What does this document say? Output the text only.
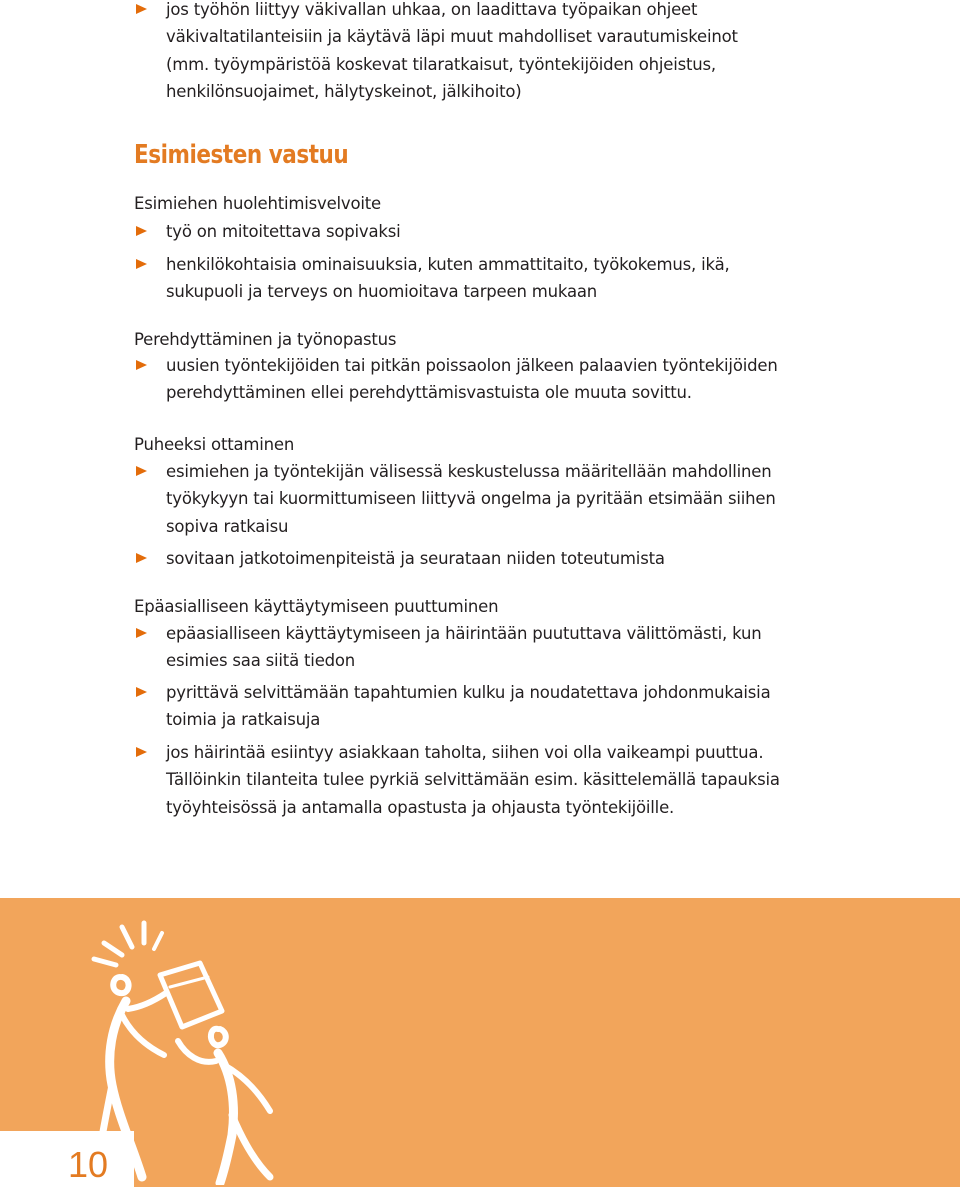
jos työhön liittyy väkivallan uhkaa, on laadittava työpaikan ohjeet
väkivaltatilanteisiin ja käytävä läpi muut mahdolliset varautumiskeinot
(mm. työympäristöä koskevat tilaratkaisut, työntekijöiden ohjeistus,
henkilönsuojaimet, hälytyskeinot, jälkihoito)
Esimiesten vastuu
Esimiehen huolehtimisvelvoite
työ on mitoitettava sopivaksi
henkilökohtaisia ominaisuuksia, kuten ammattitaito, työkokemus, ikä,
sukupuoli ja terveys on huomioitava tarpeen mukaan
Perehdyttäminen ja työnopastus
uusien työntekijöiden tai pitkän poissaolon jälkeen palaavien työntekijöiden
perehdyttäminen ellei perehdyttämisvastuista ole muuta sovittu.
Puheeksi ottaminen
esimiehen ja työntekijän välisessä keskustelussa määritellään mahdollinen
työkykyyn tai kuormittumiseen liittyvä ongelma ja pyritään etsimään siihen
sopiva ratkaisu
sovitaan jatkotoimenpiteistä ja seurataan niiden toteutumista
Epäasialliseen käyttäytymiseen puuttuminen
epäasialliseen käyttäytymiseen ja häirintään puututtava välittömästi, kun
esimies saa siitä tiedon
pyrittävä selvittämään tapahtumien kulku ja noudatettava johdonmukaisia
toimia ja ratkaisuja
jos häirintää esiintyy asiakkaan taholta, siihen voi olla vaikeampi puuttua.
Tällöinkin tilanteita tulee pyrkiä selvittämään esim. käsittelemällä tapauksia
työyhteisössä ja antamalla opastusta ja ohjausta työntekijöille.
10
